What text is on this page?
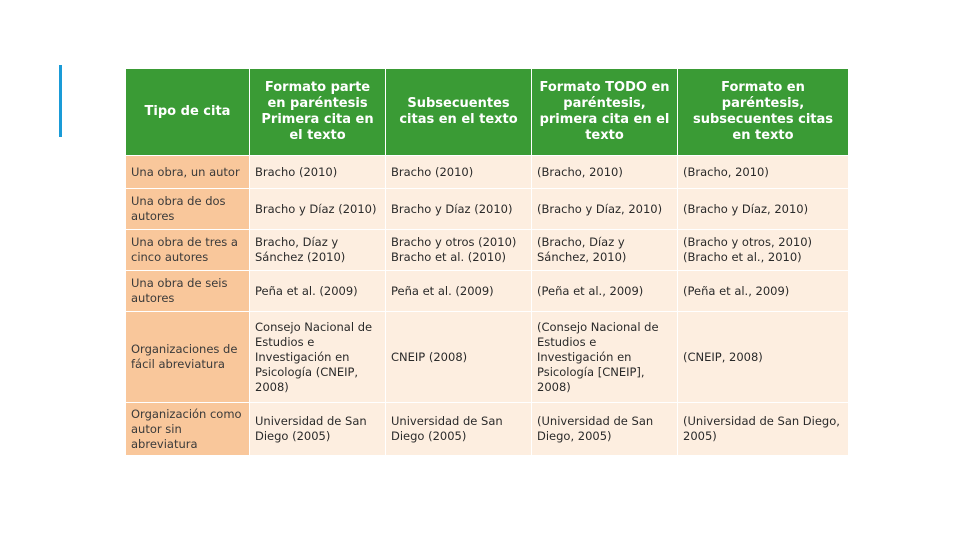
Tipo de cita	Formato parte en paréntesis Primera cita en el texto	Subsecuentes citas en el texto	Formato TODO en paréntesis, primera cita en el texto	Formato en paréntesis, subsecuentes citas en texto
Una obra, un autor	Bracho (2010)	Bracho (2010)	(Bracho, 2010)	(Bracho, 2010)
Una obra de dos autores	Bracho y Díaz (2010)	Bracho y Díaz (2010)	(Bracho y Díaz, 2010)	(Bracho y Díaz, 2010)
Una obra de tres a cinco autores	Bracho, Díaz y Sánchez (2010)	Bracho y otros (2010) Bracho et al. (2010)	(Bracho, Díaz y Sánchez, 2010)	(Bracho y otros, 2010) (Bracho et al., 2010)
Una obra de seis autores	Peña et al. (2009)	Peña et al. (2009)	(Peña et al., 2009)	(Peña et al., 2009)
Organizaciones de fácil abreviatura	Consejo Nacional de Estudios e Investigación en Psicología (CNEIP, 2008)	CNEIP (2008)	(Consejo Nacional de Estudios e Investigación en Psicología [CNEIP], 2008)	(CNEIP, 2008)
Organización como autor sin abreviatura	Universidad de San Diego (2005)	Universidad de San Diego (2005)	(Universidad de San Diego, 2005)	(Universidad de San Diego, 2005)
